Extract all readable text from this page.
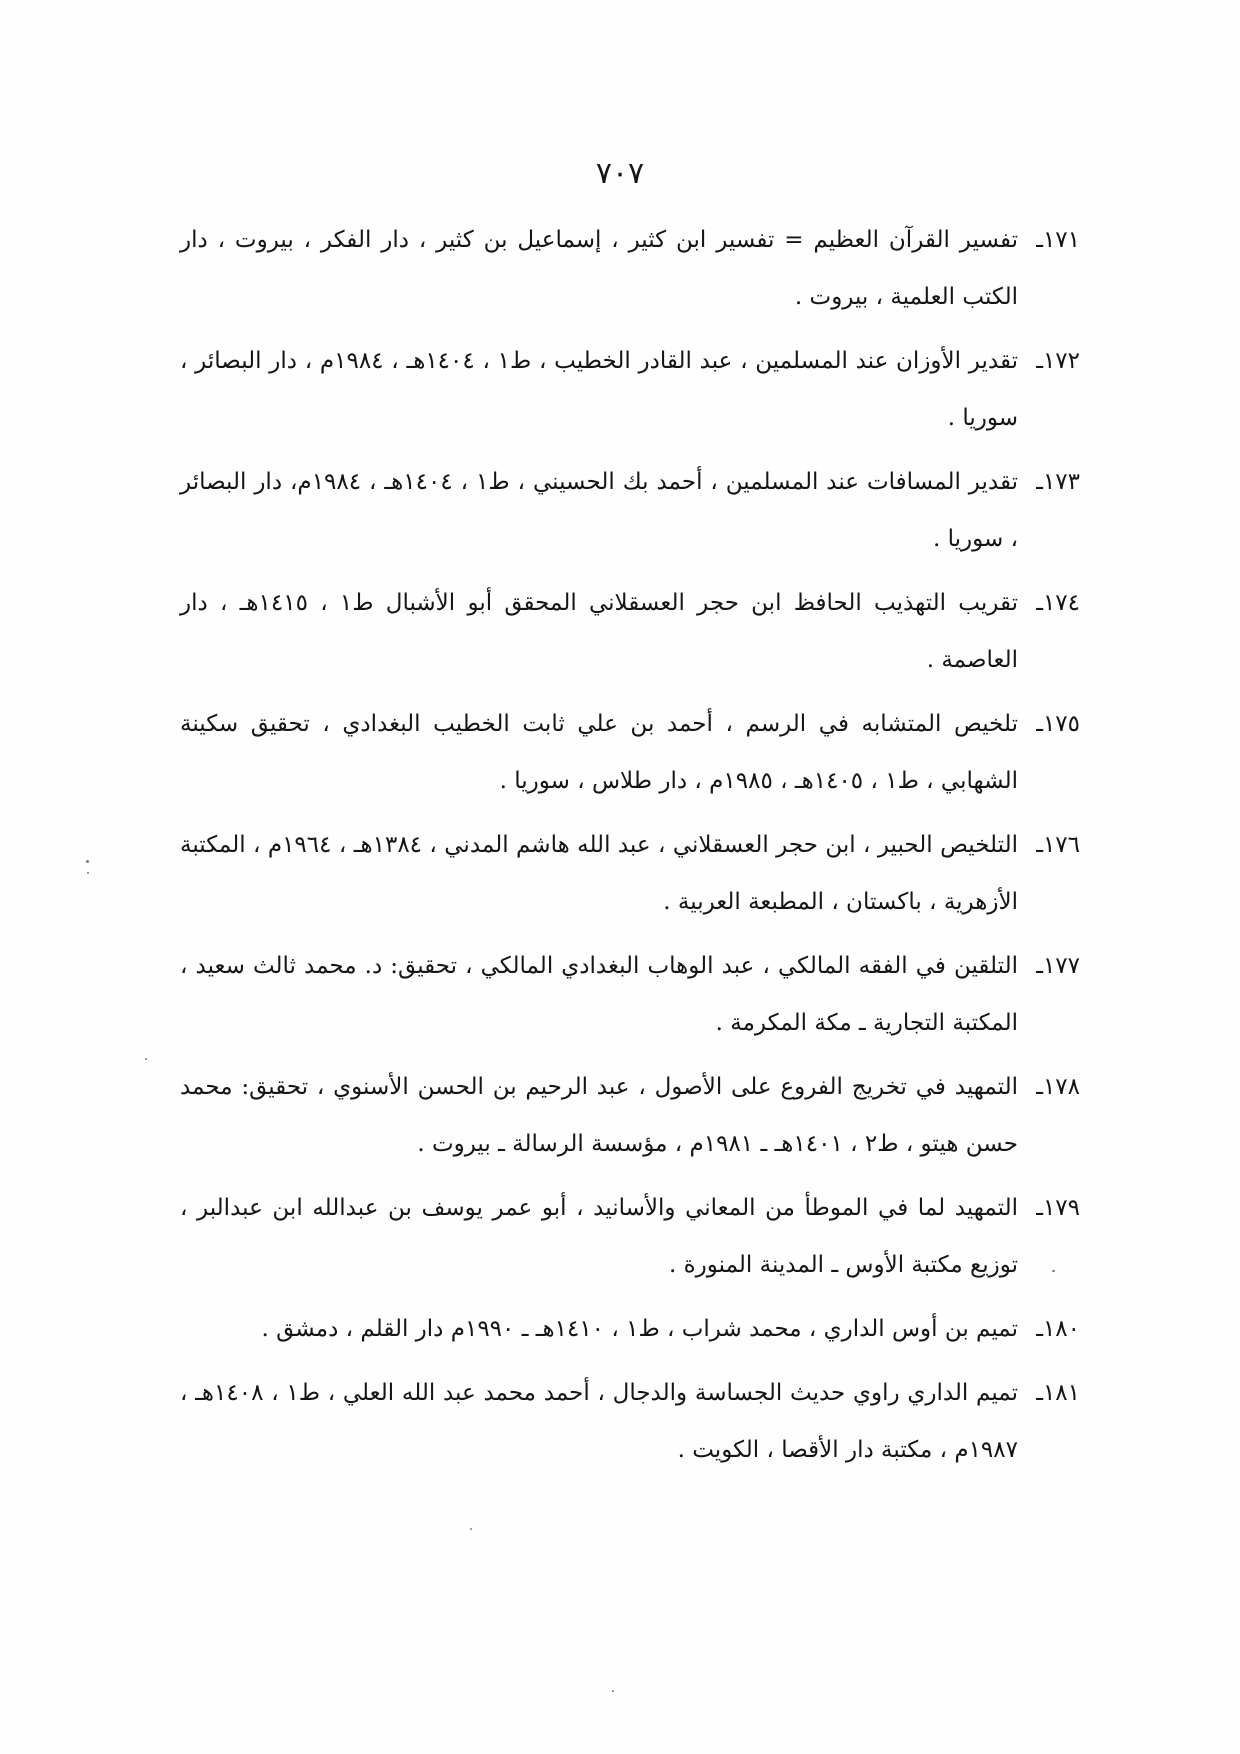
٧٠٧
١٧١ـ
تفسير القرآن العظيم = تفسير ابن كثير ، إسماعيل بن كثير ، دار الفكر ، بيروت ، دار الكتب العلمية ، بيروت .
١٧٢ـ
تقدير الأوزان عند المسلمين ، عبد القادر الخطيب ، ط١ ، ١٤٠٤هـ ، ١٩٨٤م ، دار البصائر ، سوريا .
١٧٣ـ
تقدير المسافات عند المسلمين ، أحمد بك الحسيني ، ط١ ، ١٤٠٤هـ ، ١٩٨٤م، دار البصائر ، سوريا .
١٧٤ـ
تقريب التهذيب الحافظ ابن حجر العسقلاني المحقق أبو الأشبال ط١ ، ١٤١٥هـ ، دار العاصمة .
١٧٥ـ
تلخيص المتشابه في الرسم ، أحمد بن علي ثابت الخطيب البغدادي ، تحقيق سكينة الشهابي ، ط١ ، ١٤٠٥هـ ، ١٩٨٥م ، دار طلاس ، سوريا .
١٧٦ـ
التلخيص الحبير ، ابن حجر العسقلاني ، عبد الله هاشم المدني ، ١٣٨٤هـ ، ١٩٦٤م ، المكتبة الأزهرية ، باكستان ، المطبعة العربية .
١٧٧ـ
التلقين في الفقه المالكي ، عبد الوهاب البغدادي المالكي ، تحقيق: د. محمد ثالث سعيد ، المكتبة التجارية ـ مكة المكرمة .
١٧٨ـ
التمهيد في تخريج الفروع على الأصول ، عبد الرحيم بن الحسن الأسنوي ، تحقيق: محمد حسن هيتو ، ط٢ ، ١٤٠١هـ ـ ١٩٨١م ، مؤسسة الرسالة ـ بيروت .
١٧٩ـ
التمهيد لما في الموطأ من المعاني والأسانيد ، أبو عمر يوسف بن عبدالله ابن عبدالبر ، توزيع مكتبة الأوس ـ المدينة المنورة .
١٨٠ـ
تميم بن أوس الداري ، محمد شراب ، ط١ ، ١٤١٠هـ ـ ١٩٩٠م دار القلم ، دمشق .
١٨١ـ
تميم الداري راوي حديث الجساسة والدجال ، أحمد محمد عبد الله العلي ، ط١ ، ١٤٠٨هـ ، ١٩٨٧م ، مكتبة دار الأقصا ، الكويت .
